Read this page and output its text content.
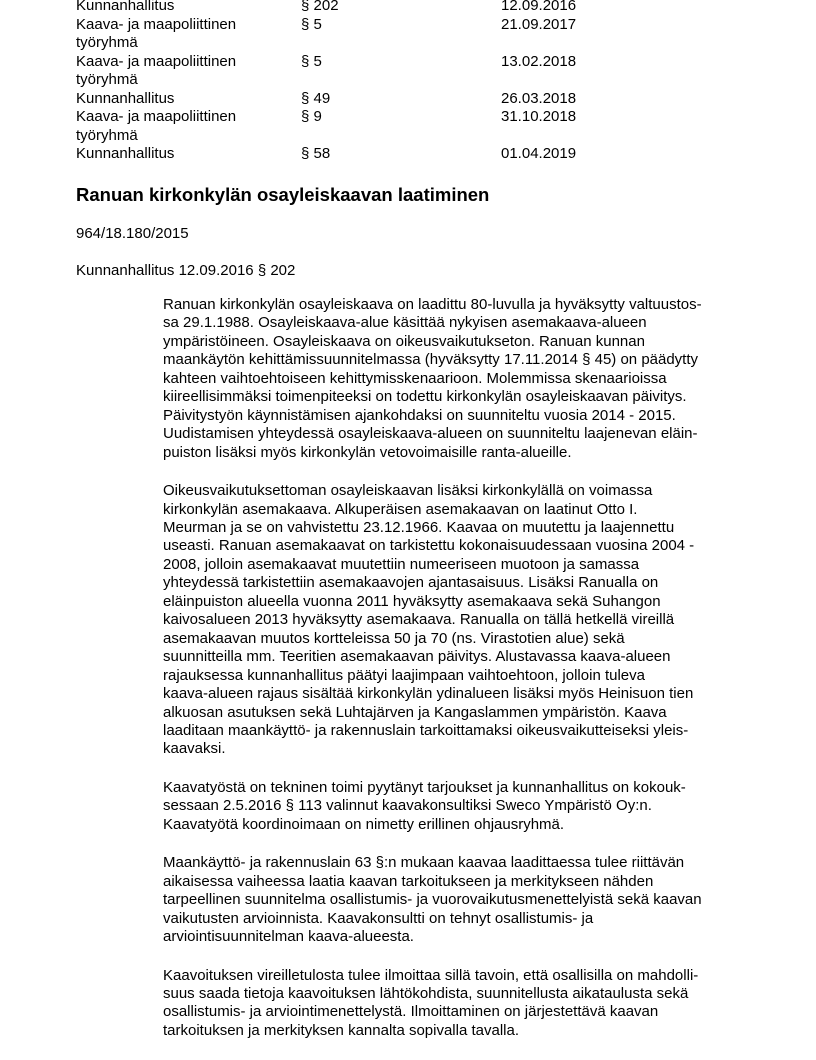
Kunnanhallitus	§ 202	12.09.2016
Kaava- ja maapoliittinen
työryhmä
§ 5	21.09.2017
Kaava- ja maapoliittinen
työryhmä
§ 5	13.02.2018
Kunnanhallitus	§ 49	26.03.2018
Kaava- ja maapoliittinen
työryhmä
§ 9	31.10.2018
Kunnanhallitus	§ 58	01.04.2019
Ranuan kirkonkylän osayleiskaavan laatiminen

964/18.180/2015

Kunnanhallitus 12.09.2016 § 202

Ranuan kirkonkylän osayleiskaava on laadittu 80-luvulla ja hyväksytty valtuustos-
sa 29.1.1988. Osayleiskaava-alue käsittää nykyisen asemakaava-alueen
ympäristöineen. Osayleiskaava on oikeusvaikutukseton. Ranuan kunnan
maankäytön kehittämissuunnitelmassa (hyväksytty 17.11.2014 § 45) on päädytty
kahteen vaihtoehtoiseen kehittymisskenaarioon. Molemmissa skenaarioissa
kiireellisimmäksi toimenpiteeksi on todettu kirkonkylän osayleiskaavan päivitys.
Päivitystyön käynnistämisen ajankohdaksi on suunniteltu vuosia 2014 - 2015.
Uudistamisen yhteydessä osayleiskaava-alueen on suunniteltu laajenevan eläin-
puiston lisäksi myös kirkonkylän vetovoimaisille ranta-alueille.

Oikeusvaikutuksettoman osayleiskaavan lisäksi kirkonkylällä on voimassa
kirkonkylän asemakaava. Alkuperäisen asemakaavan on laatinut Otto I.
Meurman ja se on vahvistettu 23.12.1966. Kaavaa on muutettu ja laajennettu
useasti. Ranuan asemakaavat on tarkistettu kokonaisuudessaan vuosina 2004 -
2008, jolloin asemakaavat muutettiin numeeriseen muotoon ja samassa
yhteydessä tarkistettiin asemakaavojen ajantasaisuus. Lisäksi Ranualla on
eläinpuiston alueella vuonna 2011 hyväksytty asemakaava sekä Suhangon
kaivosalueen 2013 hyväksytty asemakaava. Ranualla on tällä hetkellä vireillä
asemakaavan muutos kortteleissa 50 ja 70 (ns. Virastotien alue) sekä
suunnitteilla mm. Teeritien asemakaavan päivitys. Alustavassa kaava-alueen
rajauksessa kunnanhallitus päätyi laajimpaan vaihtoehtoon, jolloin tuleva
kaava-alueen rajaus sisältää kirkonkylän ydinalueen lisäksi myös Heinisuon tien
alkuosan asutuksen sekä Luhtajärven ja Kangaslammen ympäristön. Kaava
laaditaan maankäyttö- ja rakennuslain tarkoittamaksi oikeusvaikutteiseksi yleis-
kaavaksi.

Kaavatyöstä on tekninen toimi pyytänyt tarjoukset ja kunnanhallitus on kokouk-
sessaan 2.5.2016 § 113 valinnut kaavakonsultiksi Sweco Ympäristö Oy:n.
Kaavatyötä koordinoimaan on nimetty erillinen ohjausryhmä.

Maankäyttö- ja rakennuslain 63 §:n mukaan kaavaa laadittaessa tulee riittävän
aikaisessa vaiheessa laatia kaavan tarkoitukseen ja merkitykseen nähden
tarpeellinen suunnitelma osallistumis- ja vuorovaikutusmenettelyistä sekä kaavan
vaikutusten arvioinnista. Kaavakonsultti on tehnyt osallistumis- ja
arviointisuunnitelman kaava-alueesta.

Kaavoituksen vireilletulosta tulee ilmoittaa sillä tavoin, että osallisilla on mahdolli-
suus saada tietoja kaavoituksen lähtökohdista, suunnitellusta aikataulusta sekä
osallistumis- ja arviointimenettelystä. Ilmoittaminen on järjestettävä kaavan
tarkoituksen ja merkityksen kannalta sopivalla tavalla.
